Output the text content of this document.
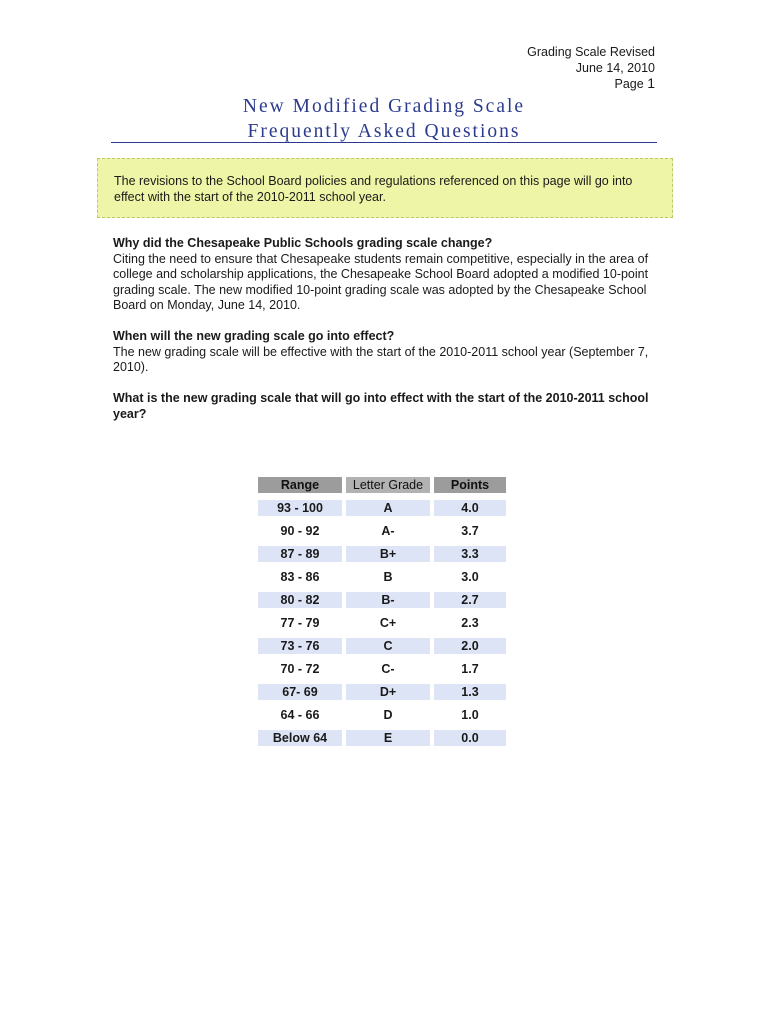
Grading Scale Revised
June 14, 2010
Page 1
New Modified Grading Scale
Frequently Asked Questions
The revisions to the School Board policies and regulations referenced on this page will go into effect with the start of the 2010-2011 school year.
Why did the Chesapeake Public Schools grading scale change?
Citing the need to ensure that Chesapeake students remain competitive, especially in the area of college and scholarship applications, the Chesapeake School Board adopted a modified 10-point grading scale. The new modified 10-point grading scale was adopted by the Chesapeake School Board on Monday, June 14, 2010.
When will the new grading scale go into effect?
The new grading scale will be effective with the start of the 2010-2011 school year (September 7, 2010).
What is the new grading scale that will go into effect with the start of the 2010-2011 school year?
Range	Letter Grade	Points
93 - 100	A	4.0
90 - 92	A-	3.7
87 - 89	B+	3.3
83 - 86	B	3.0
80 - 82	B-	2.7
77 - 79	C+	2.3
73 - 76	C	2.0
70 - 72	C-	1.7
67- 69	D+	1.3
64 - 66	D	1.0
Below 64	E	0.0
